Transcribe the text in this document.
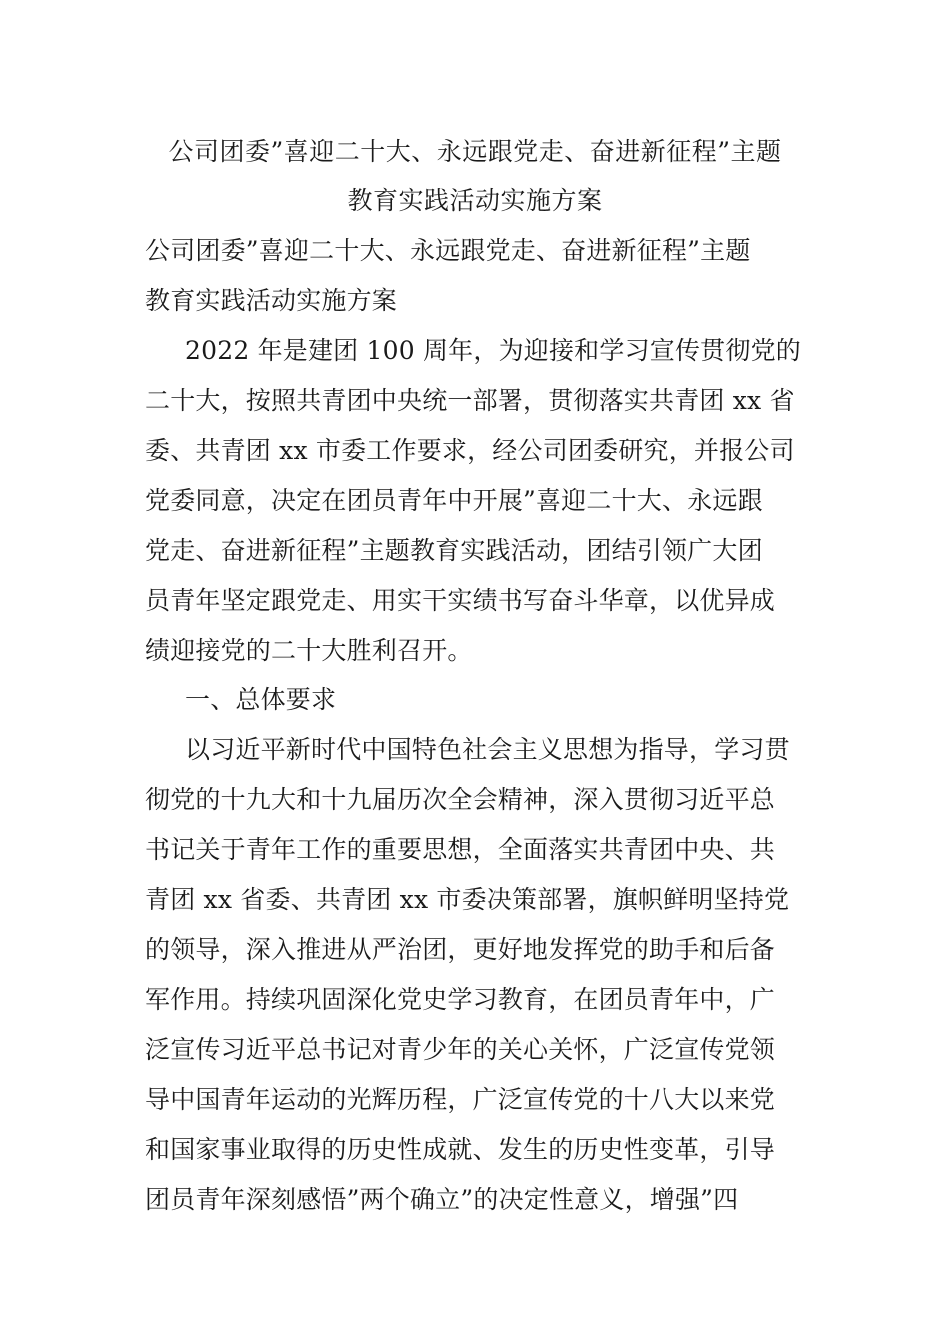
公司团委”喜迎二十大、永远跟党走、奋进新征程”主题
教育实践活动实施方案
公司团委”喜迎二十大、永远跟党走、奋进新征程”主题
教育实践活动实施方案
2022 年是建团 100 周年，为迎接和学习宣传贯彻党的
二十大，按照共青团中央统一部署，贯彻落实共青团 xx 省
委、共青团 xx 市委工作要求，经公司团委研究，并报公司
党委同意，决定在团员青年中开展”喜迎二十大、永远跟
党走、奋进新征程”主题教育实践活动，团结引领广大团
员青年坚定跟党走、用实干实绩书写奋斗华章，以优异成
绩迎接党的二十大胜利召开。
一、总体要求
以习近平新时代中国特色社会主义思想为指导，学习贯
彻党的十九大和十九届历次全会精神，深入贯彻习近平总
书记关于青年工作的重要思想，全面落实共青团中央、共
青团 xx 省委、共青团 xx 市委决策部署，旗帜鲜明坚持党
的领导，深入推进从严治团，更好地发挥党的助手和后备
军作用。持续巩固深化党史学习教育，在团员青年中，广
泛宣传习近平总书记对青少年的关心关怀，广泛宣传党领
导中国青年运动的光辉历程，广泛宣传党的十八大以来党
和国家事业取得的历史性成就、发生的历史性变革，引导
团员青年深刻感悟”两个确立”的决定性意义，增强”四
